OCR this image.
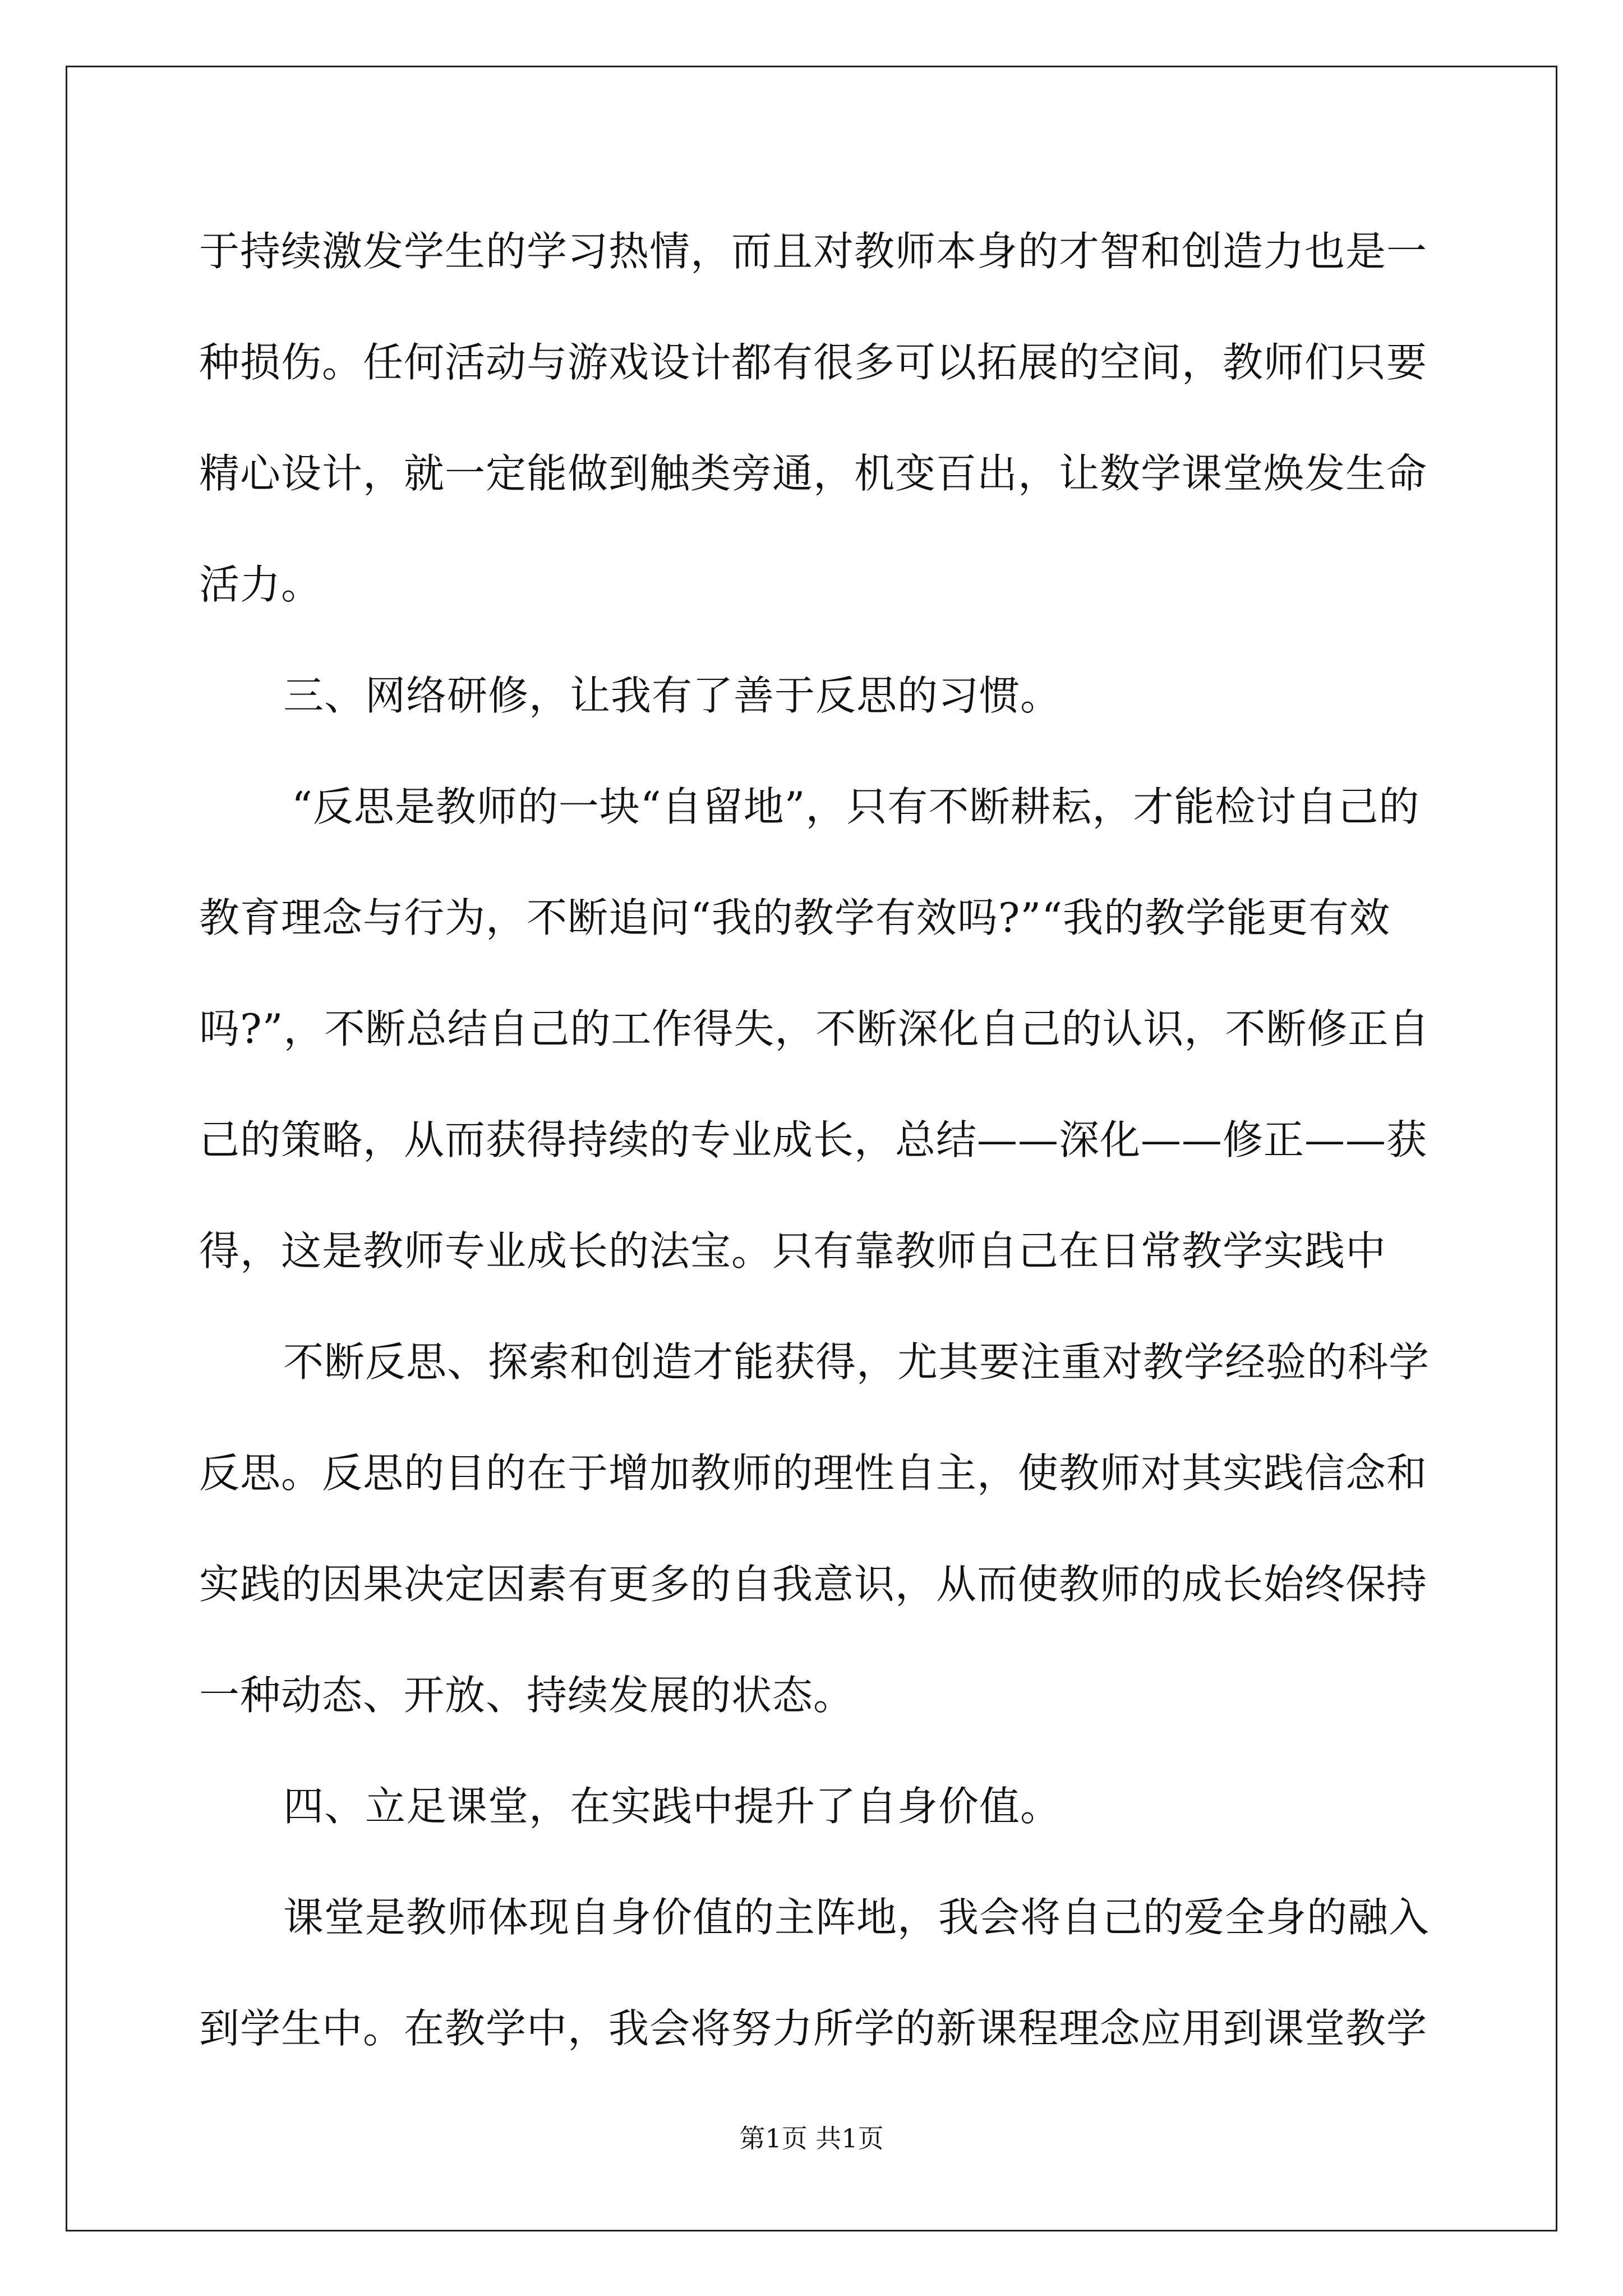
于持续激发学生的学习热情，而且对教师本身的才智和创造力也是一
种损伤。任何活动与游戏设计都有很多可以拓展的空间，教师们只要
精心设计，就一定能做到触类旁通，机变百出，让数学课堂焕发生命
活力。
三、网络研修，让我有了善于反思的习惯。
“反思是教师的一块“自留地”，只有不断耕耘，才能检讨自己的
教育理念与行为，不断追问“我的教学有效吗?”“我的教学能更有效
吗?”，不断总结自己的工作得失，不断深化自己的认识，不断修正自
己的策略，从而获得持续的专业成长，总结——深化——修正——获
得，这是教师专业成长的法宝。只有靠教师自己在日常教学实践中
不断反思、探索和创造才能获得，尤其要注重对教学经验的科学
反思。反思的目的在于增加教师的理性自主，使教师对其实践信念和
实践的因果决定因素有更多的自我意识，从而使教师的成长始终保持
一种动态、开放、持续发展的状态。
四、立足课堂，在实践中提升了自身价值。
课堂是教师体现自身价值的主阵地，我会将自己的爱全身的融入
到学生中。在教学中，我会将努力所学的新课程理念应用到课堂教学
第1页 共1页
